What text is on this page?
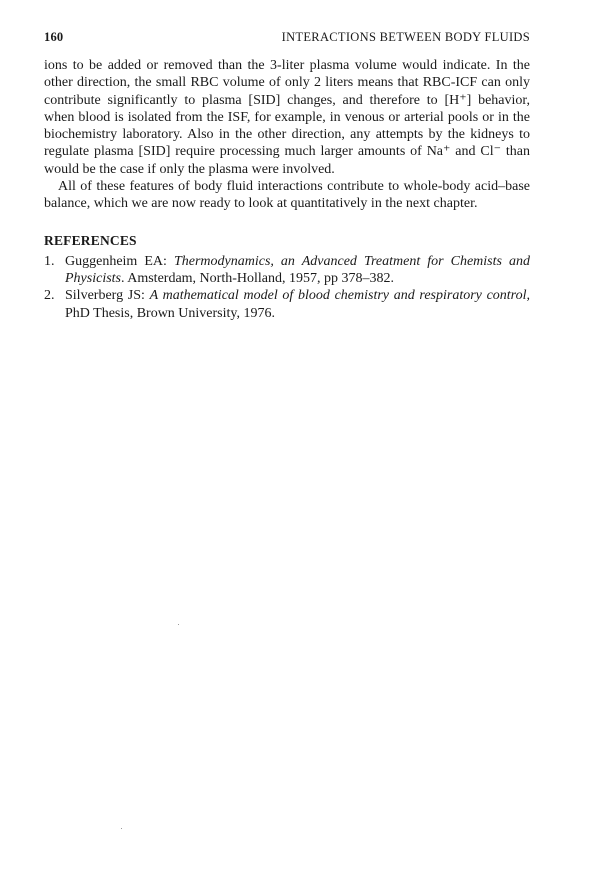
160	INTERACTIONS BETWEEN BODY FLUIDS

ions to be added or removed than the 3-liter plasma volume would indicate. In the other direction, the small RBC volume of only 2 liters means that RBC-ICF can only contribute significantly to plasma [SID] changes, and therefore to [H⁺] behavior, when blood is isolated from the ISF, for example, in venous or arterial pools or in the biochemistry laboratory. Also in the other direction, any attempts by the kidneys to regulate plasma [SID] require processing much larger amounts of Na⁺ and Cl⁻ than would be the case if only the plasma were involved.

All of these features of body fluid interactions contribute to whole-body acid–base balance, which we are now ready to look at quantitatively in the next chapter.

REFERENCES
1. Guggenheim EA: Thermodynamics, an Advanced Treatment for Chemists and Physicists. Amsterdam, North-Holland, 1957, pp 378–382.
2. Silverberg JS: A mathematical model of blood chemistry and respiratory control, PhD Thesis, Brown University, 1976.
